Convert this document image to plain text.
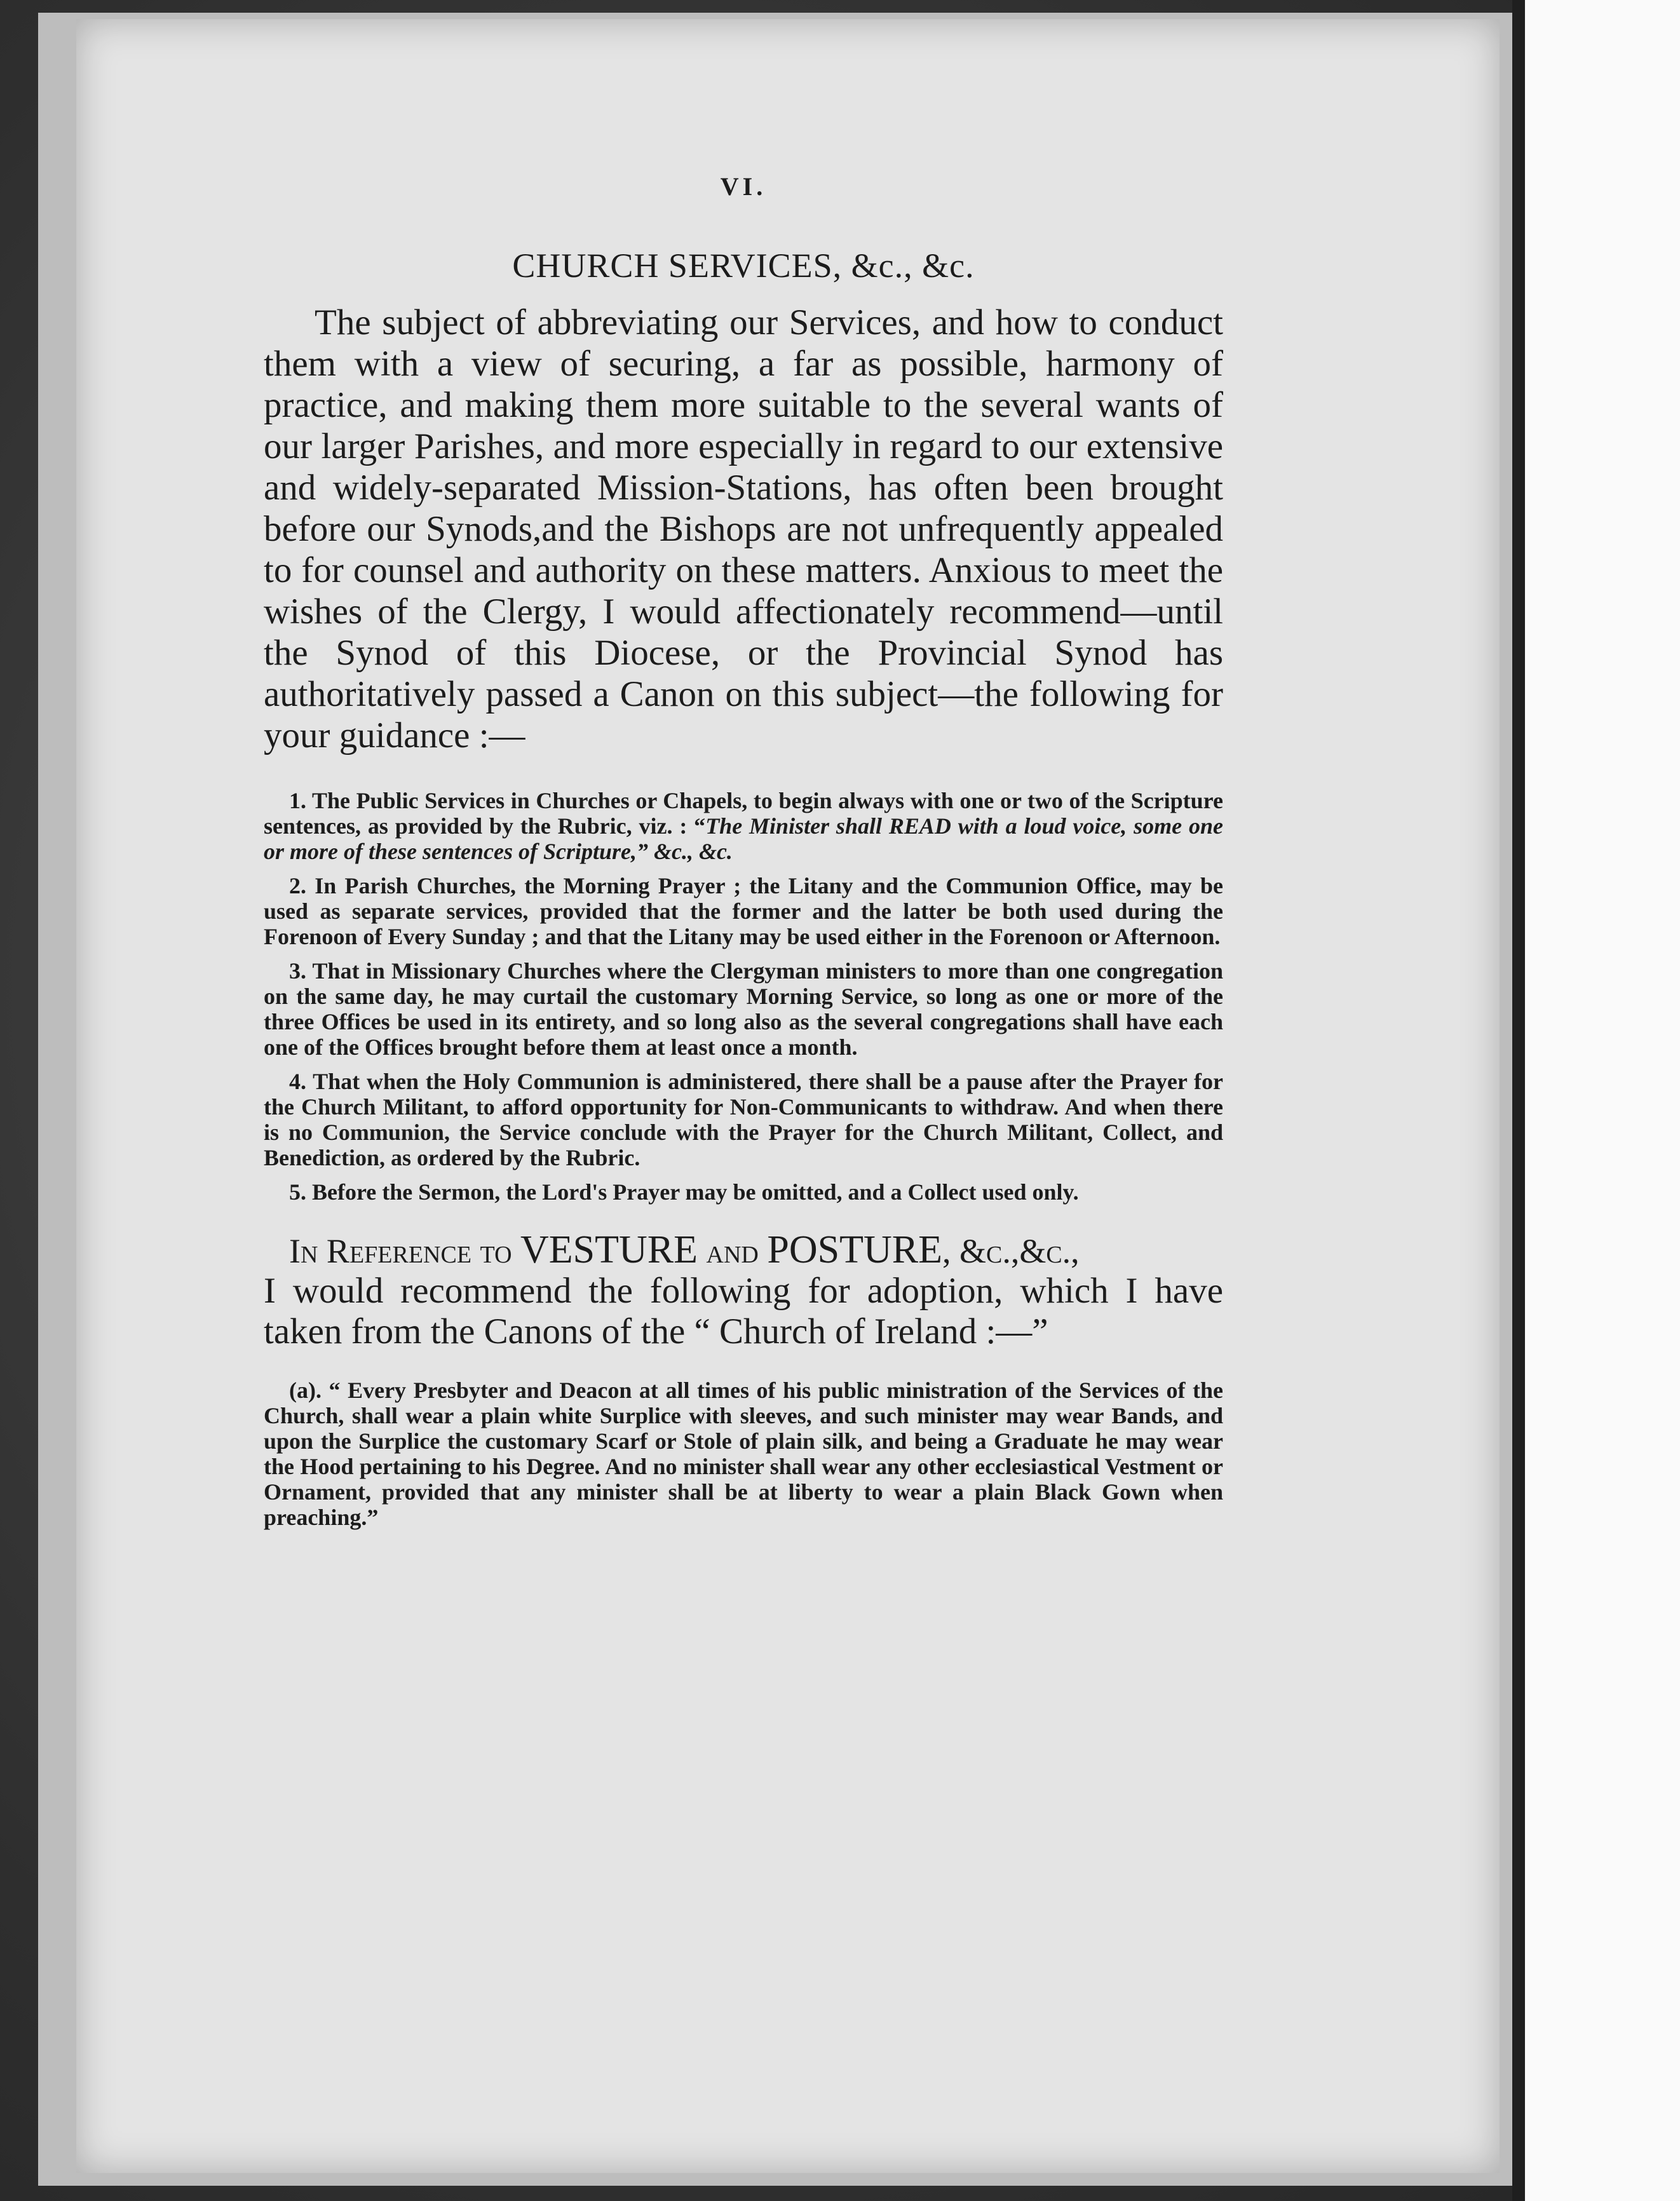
VI.
CHURCH SERVICES, &c., &c.

The subject of abbreviating our Services, and how to conduct them with a view of securing, a far as possible, harmony of practice, and making them more suitable to the several wants of our larger Parishes, and more especially in regard to our extensive and widely-separated Mission-Stations, has often been brought before our Synods,and the Bishops are not unfrequently appealed to for counsel and authority on these matters. Anxious to meet the wishes of the Clergy, I would affectionately recommend—until the Synod of this Diocese, or the Provincial Synod has authoritatively passed a Canon on this subject—the following for your guidance :—

1. The Public Services in Churches or Chapels, to begin always with one or two of the Scripture sentences, as provided by the Rubric, viz. : “The Minister shall READ with a loud voice, some one or more of these sentences of Scripture,” &c., &c.

2. In Parish Churches, the Morning Prayer ; the Litany and the Communion Office, may be used as separate services, provided that the former and the latter be both used during the Forenoon of Every Sunday ; and that the Litany may be used either in the Forenoon or Afternoon.

3. That in Missionary Churches where the Clergyman ministers to more than one congregation on the same day, he may curtail the customary Morning Service, so long as one or more of the three Offices be used in its entirety, and so long also as the several congregations shall have each one of the Offices brought before them at least once a month.

4. That when the Holy Communion is administered, there shall be a pause after the Prayer for the Church Militant, to afford opportunity for Non-Communicants to withdraw. And when there is no Communion, the Service conclude with the Prayer for the Church Militant, Collect, and Benediction, as ordered by the Rubric.

5. Before the Sermon, the Lord's Prayer may be omitted, and a Collect used only.

In Reference to VESTURE and POSTURE, &c.,&c.,

I would recommend the following for adoption, which I have taken from the Canons of the “ Church of Ireland :—”

(a). “ Every Presbyter and Deacon at all times of his public ministration of the Services of the Church, shall wear a plain white Surplice with sleeves, and such minister may wear Bands, and upon the Surplice the customary Scarf or Stole of plain silk, and being a Graduate he may wear the Hood pertaining to his Degree. And no minister shall wear any other ecclesiastical Vestment or Ornament, provided that any minister shall be at liberty to wear a plain Black Gown when preaching.”
